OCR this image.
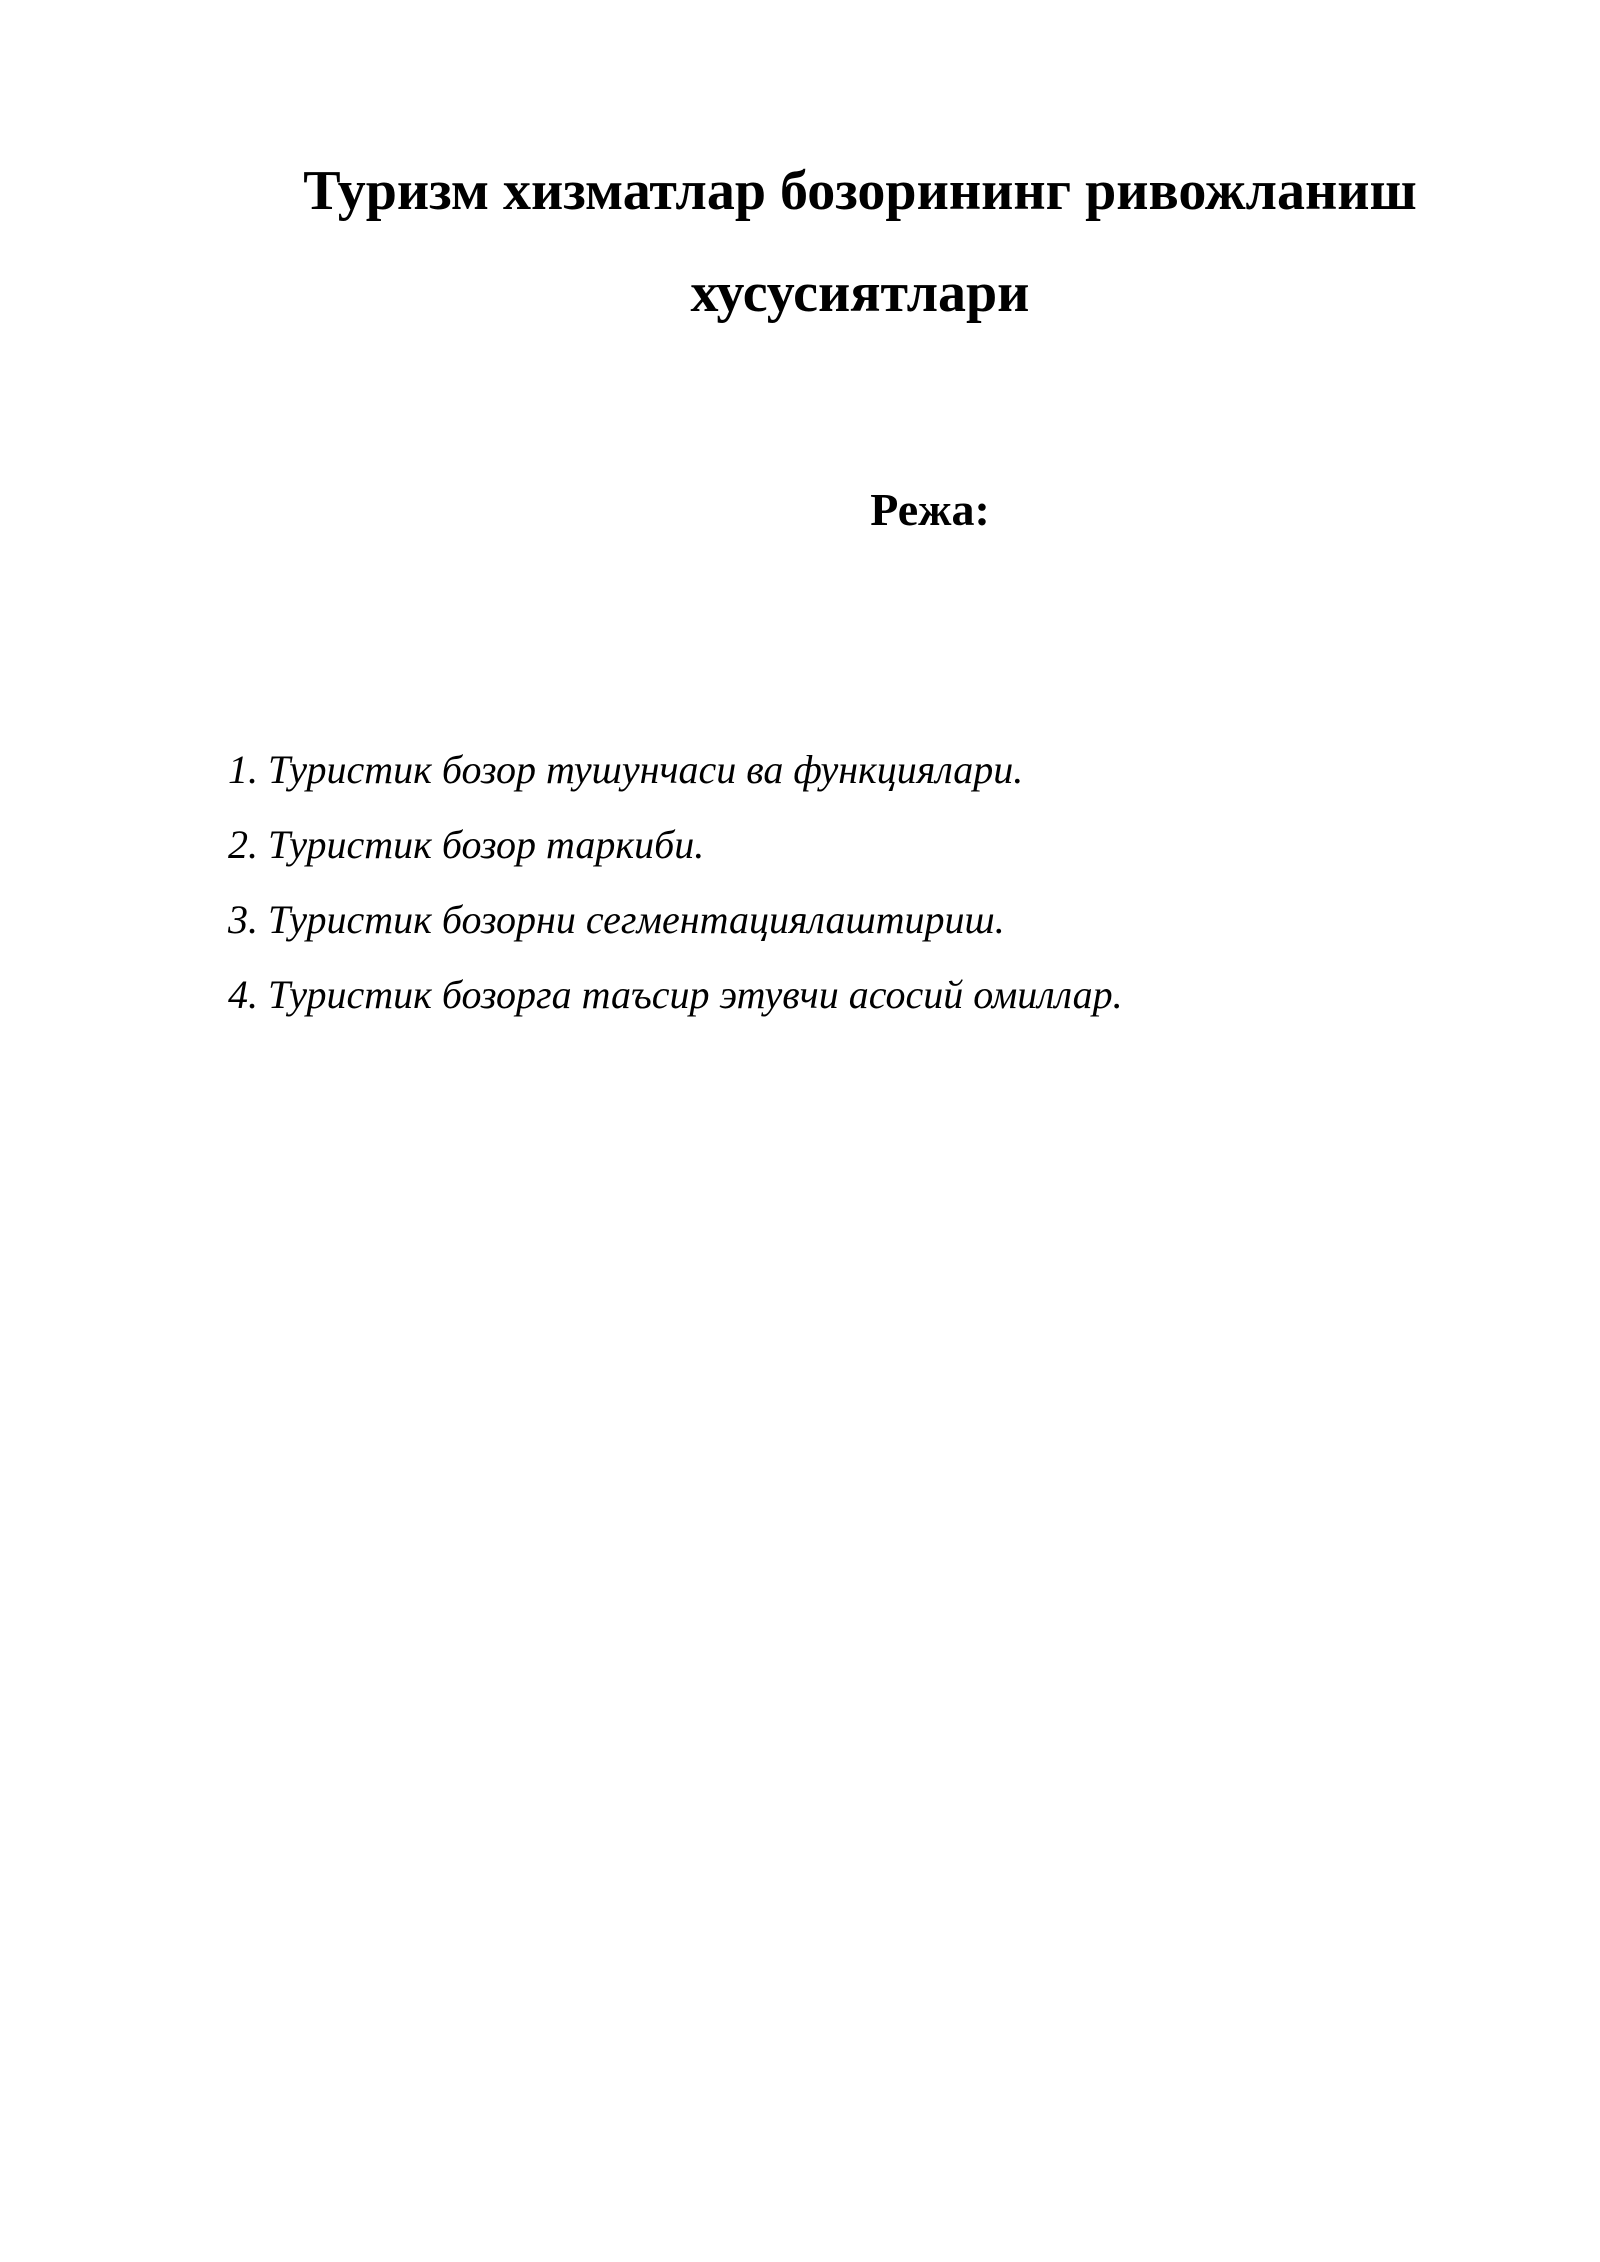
Туризм хизматлар бозорининг ривожланиш
хусусиятлари
Режа:
1. Туристик бозор тушунчаси ва функциялари.
2. Туристик бозор таркиби.
3. Туристик бозорни сегментациялаштириш.
4. Туристик бозорга таъсир этувчи асосий омиллар.
